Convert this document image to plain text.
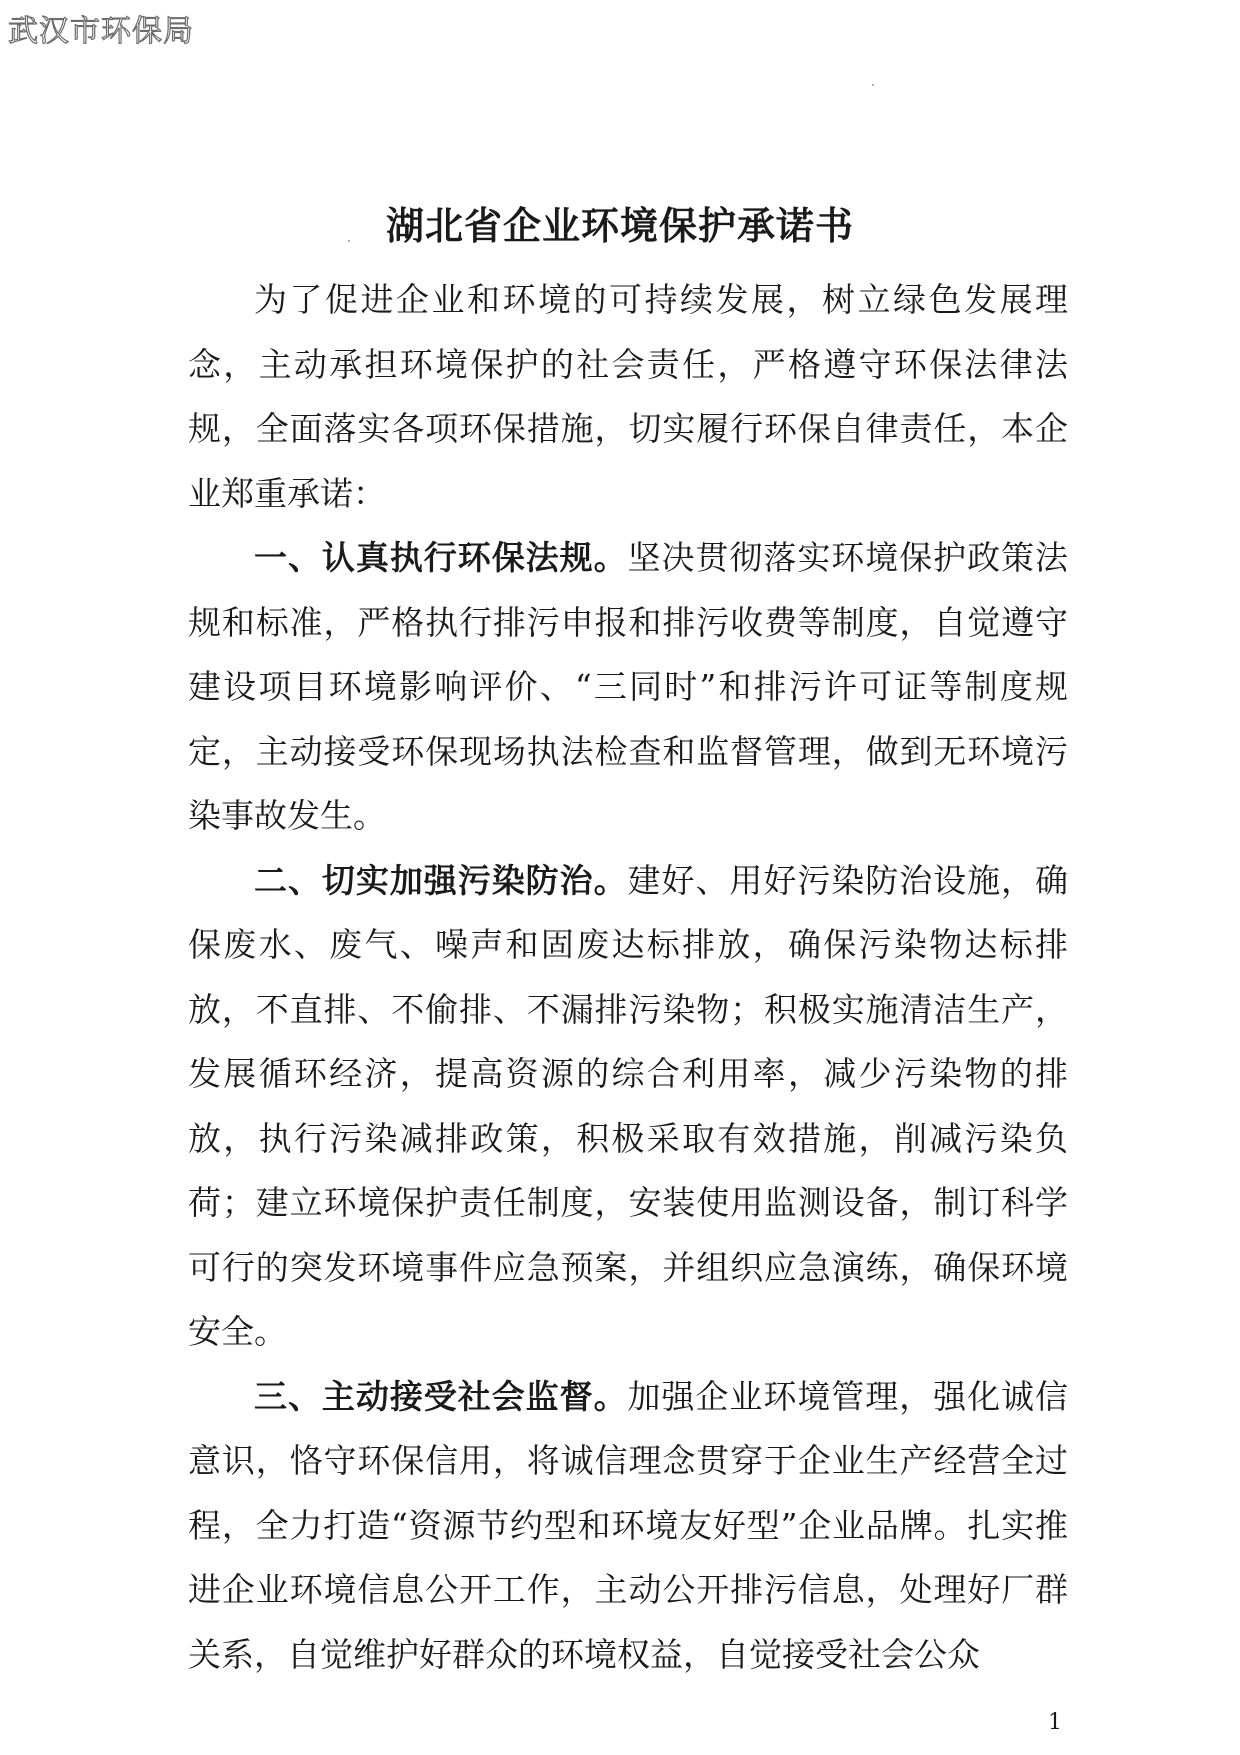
武汉市环保局
湖北省企业环境保护承诺书

为了促进企业和环境的可持续发展，树立绿色发展理念，主动承担环境保护的社会责任，严格遵守环保法律法规，全面落实各项环保措施，切实履行环保自律责任，本企业郑重承诺：

一、认真执行环保法规。坚决贯彻落实环境保护政策法规和标准，严格执行排污申报和排污收费等制度，自觉遵守建设项目环境影响评价、“三同时”和排污许可证等制度规定，主动接受环保现场执法检查和监督管理，做到无环境污染事故发生。

二、切实加强污染防治。建好、用好污染防治设施，确保废水、废气、噪声和固废达标排放，确保污染物达标排放，不直排、不偷排、不漏排污染物；积极实施清洁生产，发展循环经济，提高资源的综合利用率，减少污染物的排放，执行污染减排政策，积极采取有效措施，削减污染负荷；建立环境保护责任制度，安装使用监测设备，制订科学可行的突发环境事件应急预案，并组织应急演练，确保环境安全。

三、主动接受社会监督。加强企业环境管理，强化诚信意识，恪守环保信用，将诚信理念贯穿于企业生产经营全过程，全力打造“资源节约型和环境友好型”企业品牌。扎实推进企业环境信息公开工作，主动公开排污信息，处理好厂群关系，自觉维护好群众的环境权益，自觉接受社会公众

1
